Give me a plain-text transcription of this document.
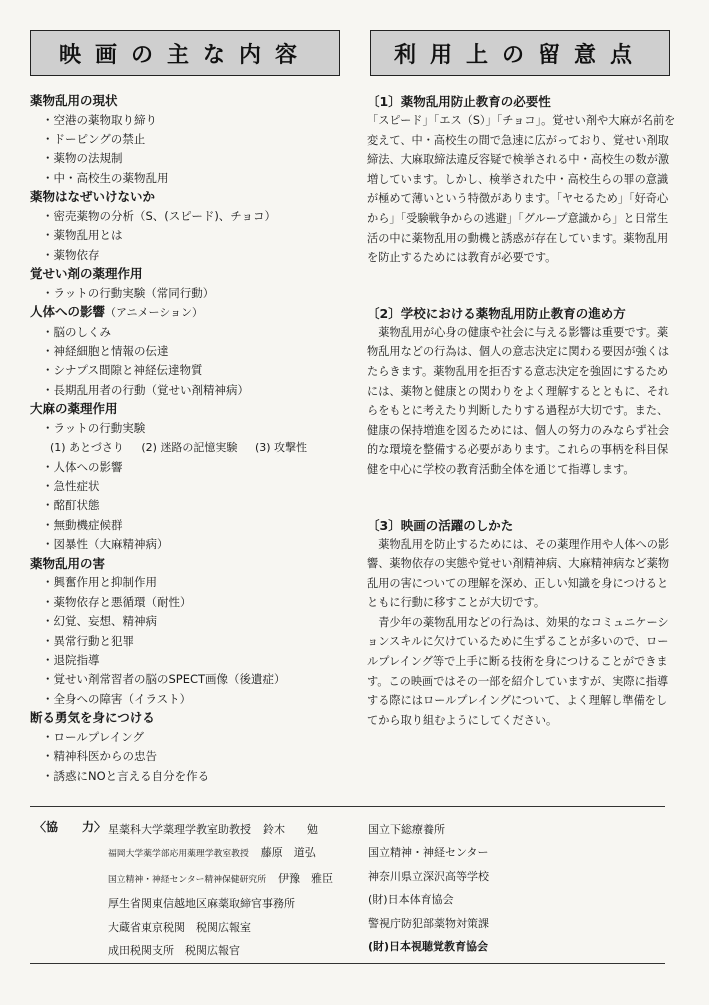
映画の主な内容	利用上の留意点
薬物乱用の現状
・ 空港の薬物取り締り
・ ドーピングの禁止
・ 薬物の法規制
・ 中・高校生の薬物乱用
薬物はなぜいけないか
・ 密売薬物の分析（S、(スピード)、チョコ）
・ 薬物乱用とは
・ 薬物依存
覚せい剤の薬理作用
・ ラットの行動実験（常同行動）
人体への影響（アニメーション）
・ 脳のしくみ
・ 神経細胞と情報の伝達
・ シナプス間隙と神経伝達物質
・ 長期乱用者の行動（覚せい剤精神病）
大麻の薬理作用
・ ラットの行動実験
(1) あとづさり (2) 迷路の記憶実験 (3) 攻撃性
・ 人体への影響
・ 急性症状
・ 酩酊状態
・ 無動機症候群
・ 図暴性（大麻精神病）
薬物乱用の害
・ 興奮作用と抑制作用
・ 薬物依存と悪循環（耐性）
・ 幻覚、妄想、精神病
・ 異常行動と犯罪
・ 退院指導
・ 覚せい剤常習者の脳のSPECT画像（後遺症）
・ 全身への障害（イラスト）
断る勇気を身につける
・ ロールプレイング
・ 精神科医からの忠告
・ 誘惑にNOと言える自分を作る
〔1〕薬物乱用防止教育の必要性

「スピード」「エス（S）」「チョコ」。覚せい剤や大麻が名前を変えて、中・高校生の間で急速に広がっており、覚せい剤取締法、大麻取締法違反容疑で検挙される中・高校生の数が激増しています。しかし、検挙された中・高校生らの罪の意識が極めて薄いという特徴があります。「ヤセるため」「好奇心から」「受験戦争からの逃避」「グループ意識から」と日常生活の中に薬物乱用の動機と誘惑が存在しています。薬物乱用を防止するためには教育が必要です。

〔2〕学校における薬物乱用防止教育の進め方

薬物乱用が心身の健康や社会に与える影響は重要です。薬物乱用などの行為は、個人の意志決定に関わる要因が強くはたらきます。薬物乱用を拒否する意志決定を強固にするためには、薬物と健康との関わりをよく理解するとともに、それらをもとに考えたり判断したりする過程が大切です。また、健康の保持増進を図るためには、個人の努力のみならず社会的な環境を整備する必要があります。これらの事柄を科目保健を中心に学校の教育活動全体を通じて指導します。

〔3〕映画の活躍のしかた

薬物乱用を防止するためには、その薬理作用や人体への影響、薬物依存の実態や覚せい剤精神病、大麻精神病など薬物乱用の害についての理解を深め、正しい知識を身につけるとともに行動に移すことが大切です。

青少年の薬物乱用などの行為は、効果的なコミュニケーションスキルに欠けているために生ずることが多いので、ロールプレイング等で上手に断る技術を身につけることができます。この映画ではその一部を紹介していますが、実際に指導する際にはロールプレイングについて、よく理解し準備をしてから取り組むようにしてください。

〈協　　力〉 星薬科大学薬理学教室助教授 鈴木　　勉
福岡大学薬学部応用薬理学教室教授 藤原　道弘
国立精神・神経センター精神保健研究所 伊豫　雅臣
厚生省関東信越地区麻薬取締官事務所
大蔵省東京税関　税関広報室
成田税関支所　税関広報官
国立下総療養所
国立精神・神経センター
神奈川県立深沢高等学校
(財)日本体育協会
警視庁防犯部薬物対策課
(財)日本視聴覚教育協会
